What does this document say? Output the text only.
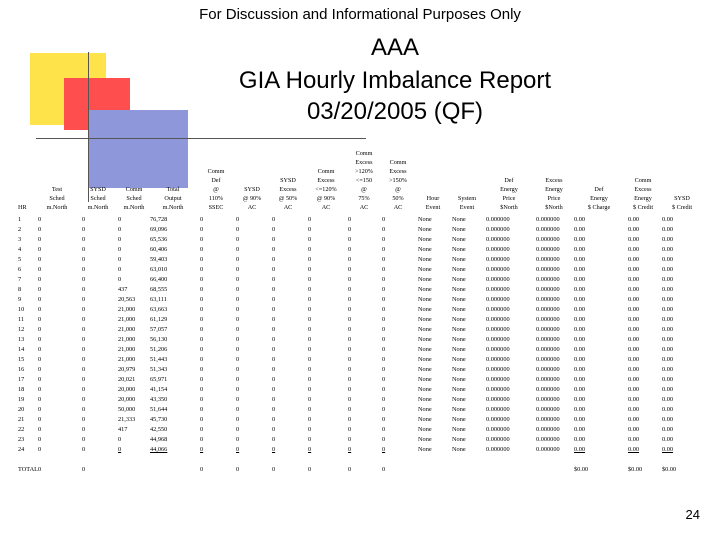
For Discussion and Informational Purposes Only
AAA
GIA Hourly Imbalance Report
03/20/2005 (QF)
HR
1
2
3
4
5
6
7
8
9
10
11
12
13
14
15
16
17
18
19
20
21
22
23
24
TOTAL
Test
Sched
m.North
0
0
0
0
0
0
0
0
0
0
0
0
0
0
0
0
0
0
0
0
0
0
0
0
0
SYSD
Sched
m.North
0
0
0
0
0
0
0
0
0
0
0
0
0
0
0
0
0
0
0
0
0
0
0
0
0
Comm
Sched
m.North
0
0
0
0
0
0
0
437
20,563
21,000
21,000
21,000
21,000
21,000
21,000
20,979
20,021
20,000
20,000
50,000
21,333
417
0
0
Total
Output
m.North
76,728
69,096
65,536
60,406
59,403
63,010
66,400
68,555
63,111
63,663
61,129
57,057
56,130
51,206
51,443
51,343
65,971
41,154
43,350
51,644
45,730
42,550
44,968
44,066
Comm
Def
@
110%
SSEC
0
0
0
0
0
0
0
0
0
0
0
0
0
0
0
0
0
0
0
0
0
0
0
0
0
SYSD
@ 90%
AC
0
0
0
0
0
0
0
0
0
0
0
0
0
0
0
0
0
0
0
0
0
0
0
0
0
SYSD
Excess
@ 50%
AC
0
0
0
0
0
0
0
0
0
0
0
0
0
0
0
0
0
0
0
0
0
0
0
0
0
Comm
Excess
<=120%
@ 90%
AC
0
0
0
0
0
0
0
0
0
0
0
0
0
0
0
0
0
0
0
0
0
0
0
0
0
Comm
Excess
>120%
<=150
@
75%
AC
0
0
0
0
0
0
0
0
0
0
0
0
0
0
0
0
0
0
0
0
0
0
0
0
0
Comm
Excess
>150%
@
50%
AC
0
0
0
0
0
0
0
0
0
0
0
0
0
0
0
0
0
0
0
0
0
0
0
0
0
Hour
Event
None
None
None
None
None
None
None
None
None
None
None
None
None
None
None
None
None
None
None
None
None
None
None
None
System
Event
None
None
None
None
None
None
None
None
None
None
None
None
None
None
None
None
None
None
None
None
None
None
None
None
Def
Energy
Price
$North
0.000000
0.000000
0.000000
0.000000
0.000000
0.000000
0.000000
0.000000
0.000000
0.000000
0.000000
0.000000
0.000000
0.000000
0.000000
0.000000
0.000000
0.000000
0.000000
0.000000
0.000000
0.000000
0.000000
0.000000
Excess
Energy
Price
$North
0.000000
0.000000
0.000000
0.000000
0.000000
0.000000
0.000000
0.000000
0.000000
0.000000
0.000000
0.000000
0.000000
0.000000
0.000000
0.000000
0.000000
0.000000
0.000000
0.000000
0.000000
0.000000
0.000000
0.000000
Def
Energy
$ Charge
0.00
0.00
0.00
0.00
0.00
0.00
0.00
0.00
0.00
0.00
0.00
0.00
0.00
0.00
0.00
0.00
0.00
0.00
0.00
0.00
0.00
0.00
0.00
0.00
$0.00
Comm
Excess
Energy
$ Credit
0.00
0.00
0.00
0.00
0.00
0.00
0.00
0.00
0.00
0.00
0.00
0.00
0.00
0.00
0.00
0.00
0.00
0.00
0.00
0.00
0.00
0.00
0.00
0.00
$0.00
SYSD
$ Credit
0.00
0.00
0.00
0.00
0.00
0.00
0.00
0.00
0.00
0.00
0.00
0.00
0.00
0.00
0.00
0.00
0.00
0.00
0.00
0.00
0.00
0.00
0.00
0.00
$0.00
24
